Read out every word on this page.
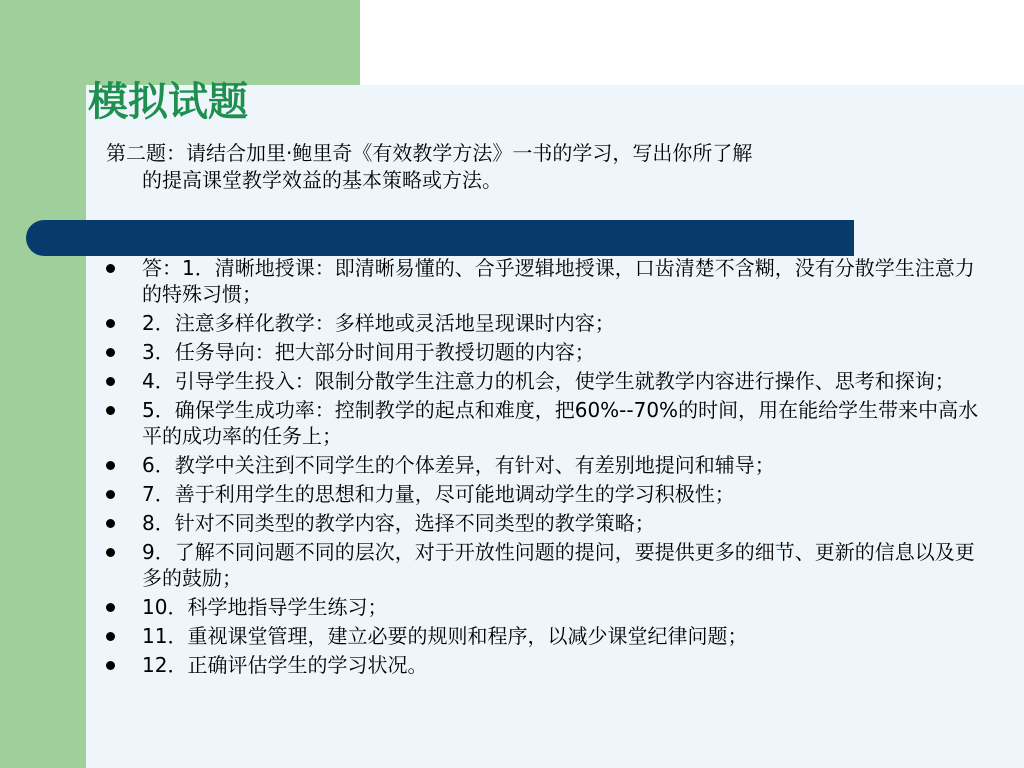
模拟试题
第二题：请结合加里·鲍里奇《有效教学方法》一书的学习，写出你所了解
的提高课堂教学效益的基本策略或方法。
答：1．清晰地授课：即清晰易懂的、合乎逻辑地授课，口齿清楚不含糊，没有分散学生注意力的特殊习惯；
2．注意多样化教学：多样地或灵活地呈现课时内容；
3．任务导向：把大部分时间用于教授切题的内容；
4．引导学生投入：限制分散学生注意力的机会，使学生就教学内容进行操作、思考和探询；
5．确保学生成功率：控制教学的起点和难度，把60%--70%的时间，用在能给学生带来中高水平的成功率的任务上；
6．教学中关注到不同学生的个体差异，有针对、有差别地提问和辅导；
7．善于利用学生的思想和力量，尽可能地调动学生的学习积极性；
8．针对不同类型的教学内容，选择不同类型的教学策略；
9．了解不同问题不同的层次，对于开放性问题的提问，要提供更多的细节、更新的信息以及更多的鼓励；
10．科学地指导学生练习；
11．重视课堂管理，建立必要的规则和程序，以减少课堂纪律问题；
12．正确评估学生的学习状况。
